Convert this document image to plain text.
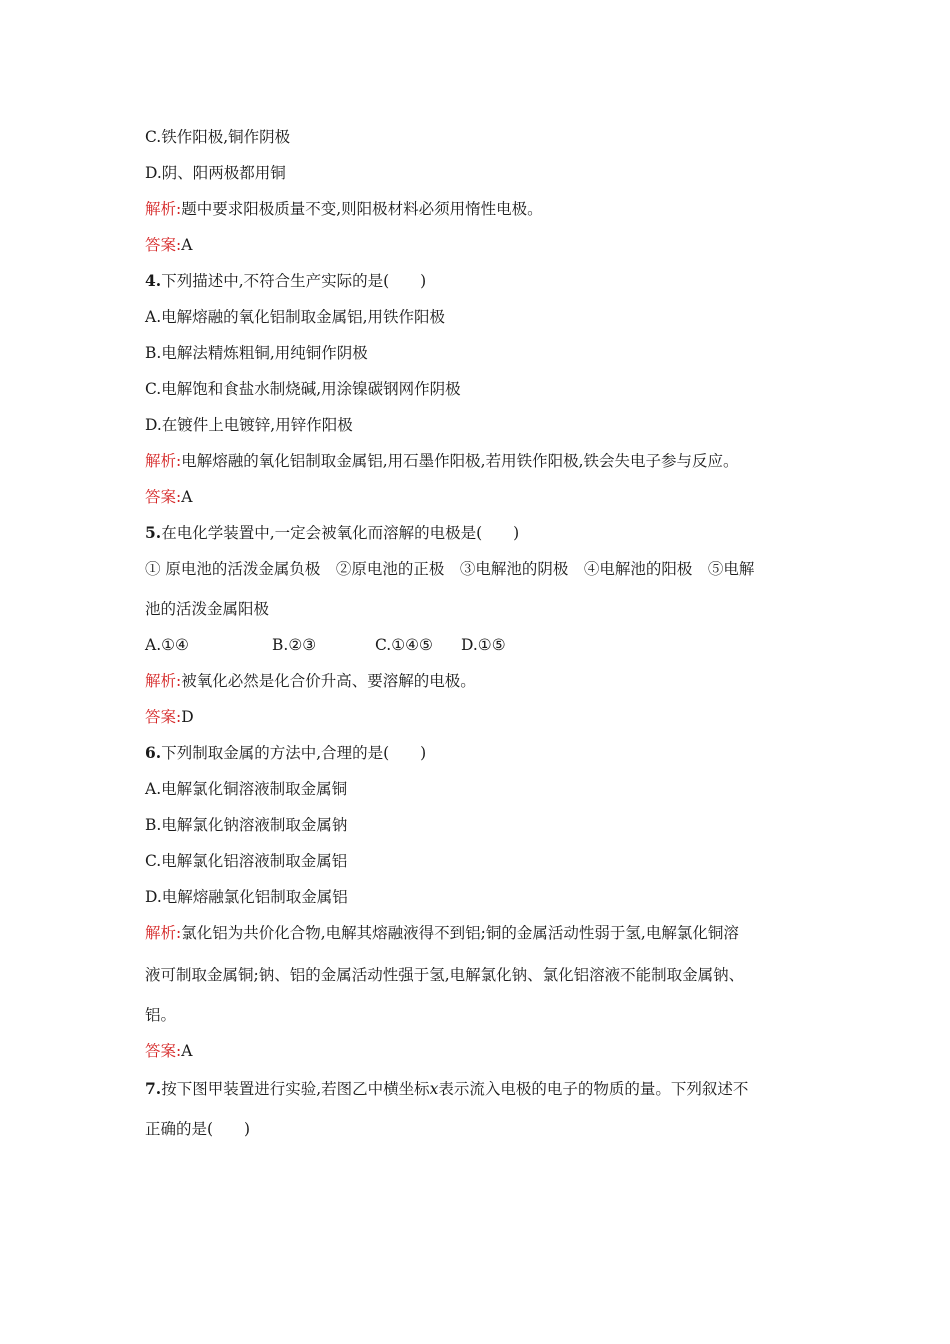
C.铁作阳极,铜作阴极
D.阴、阳两极都用铜
解析:题中要求阳极质量不变,则阳极材料必须用惰性电极。
答案:A
4.下列描述中,不符合生产实际的是(　　)
A.电解熔融的氧化铝制取金属铝,用铁作阳极
B.电解法精炼粗铜,用纯铜作阴极
C.电解饱和食盐水制烧碱,用涂镍碳钢网作阴极
D.在镀件上电镀锌,用锌作阳极
解析:电解熔融的氧化铝制取金属铝,用石墨作阳极,若用铁作阳极,铁会失电子参与反应。
答案:A
5.在电化学装置中,一定会被氧化而溶解的电极是(　　)
① 原电池的活泼金属负极　②原电池的正极　③电解池的阴极　④电解池的阳极　⑤电解
池的活泼金属阳极
A.①④	B.②③	C.①④⑤ D.①⑤
解析:被氧化必然是化合价升高、要溶解的电极。
答案:D
6.下列制取金属的方法中,合理的是(　　)
A.电解氯化铜溶液制取金属铜
B.电解氯化钠溶液制取金属钠
C.电解氯化铝溶液制取金属铝
D.电解熔融氯化铝制取金属铝
解析:氯化铝为共价化合物,电解其熔融液得不到铝;铜的金属活动性弱于氢,电解氯化铜溶
液可制取金属铜;钠、铝的金属活动性强于氢,电解氯化钠、氯化铝溶液不能制取金属钠、
铝。
答案:A
7.按下图甲装置进行实验,若图乙中横坐标x表示流入电极的电子的物质的量。下列叙述不
正确的是(　　)
